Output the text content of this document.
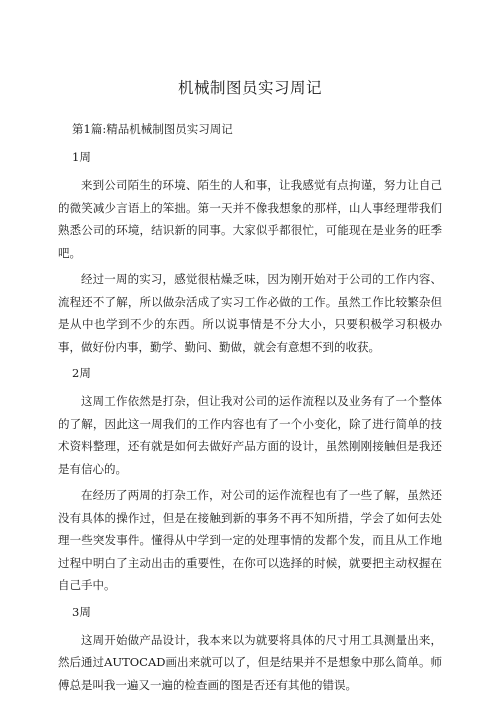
机械制图员实习周记
第1篇:精品机械制图员实习周记
1周

来到公司陌生的环境、陌生的人和事，让我感觉有点拘谨，努力让自己的微笑减少言语上的笨拙。第一天并不像我想象的那样，山人事经理带我们熟悉公司的环境，结识新的同事。大家似乎都很忙，可能现在是业务的旺季吧。

经过一周的实习，感觉很枯燥乏味，因为刚开始对于公司的工作内容、流程还不了解，所以做杂活成了实习工作必做的工作。虽然工作比较繁杂但是从中也学到不少的东西。所以说事情是不分大小，只要积极学习积极办事，做好份内事，勤学、勤问、勤做，就会有意想不到的收获。

2周

这周工作依然是打杂，但让我对公司的运作流程以及业务有了一个整体的了解，因此这一周我们的工作内容也有了一个小变化，除了进行简单的技术资料整理，还有就是如何去做好产品方面的设计，虽然刚刚接触但是我还是有信心的。

在经历了两周的打杂工作，对公司的运作流程也有了一些了解，虽然还没有具体的操作过，但是在接触到新的事务不再不知所措，学会了如何去处理一些突发事件。懂得从中学到一定的处理事情的发都个发，而且从工作地过程中明白了主动出击的重要性，在你可以选择的时候，就要把主动权握在自己手中。

3周

这周开始做产品设计，我本来以为就要将具体的尺寸用工具测量出来，然后通过AUTOCAD画出来就可以了，但是结果并不是想象中那么简单。师傅总是叫我一遍又一遍的检查画的图是否还有其他的错误。
